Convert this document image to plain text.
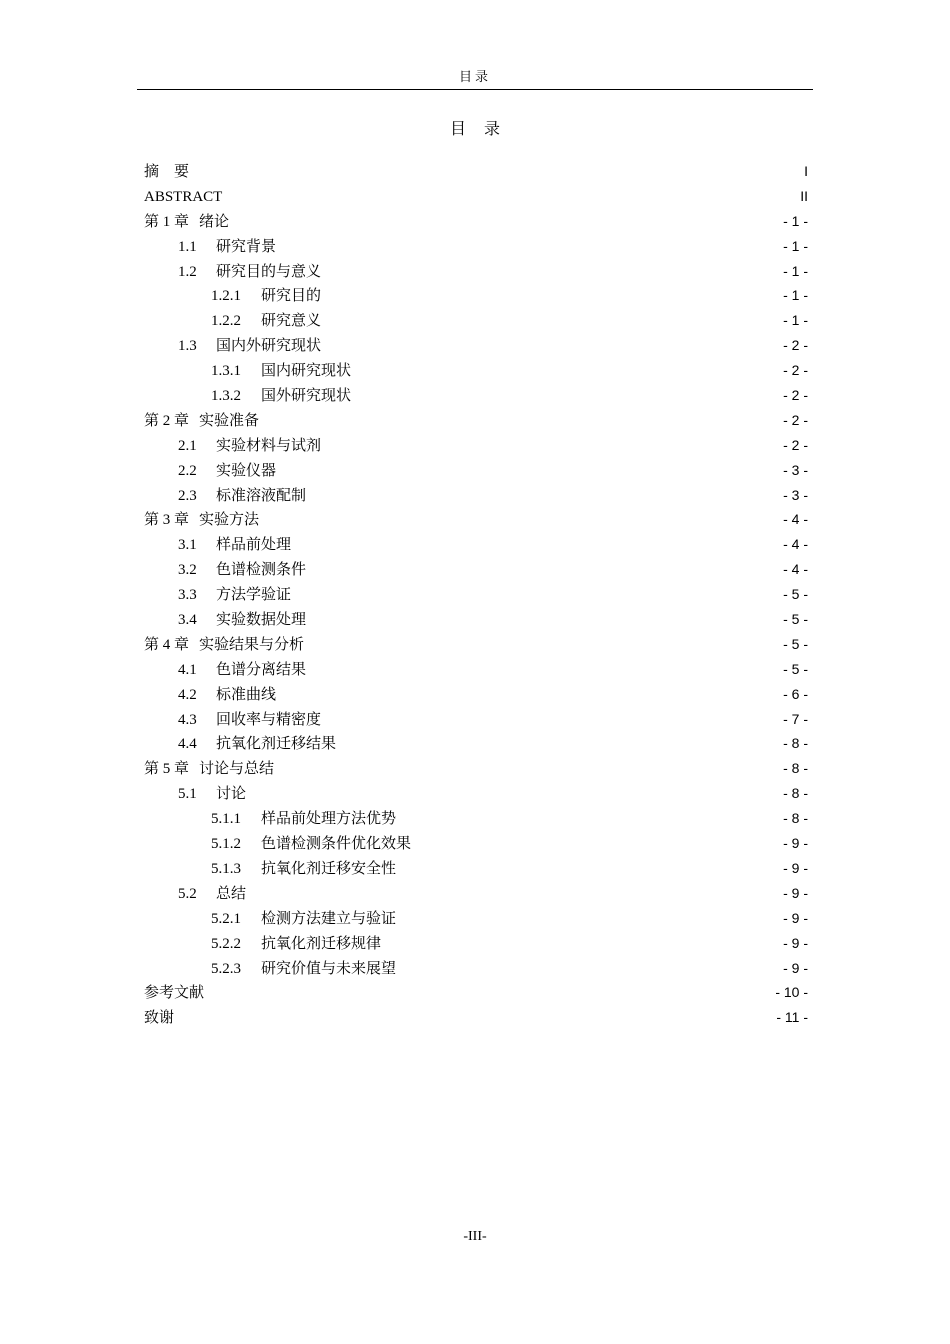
目录
目 录
摘　要	I
ABSTRACT	II
第 1 章 绪论	- 1 -
1.1 研究背景	- 1 -
1.2 研究目的与意义	- 1 -
1.2.1 研究目的	- 1 -
1.2.2 研究意义	- 1 -
1.3 国内外研究现状	- 2 -
1.3.1 国内研究现状	- 2 -
1.3.2 国外研究现状	- 2 -
第 2 章 实验准备	- 2 -
2.1 实验材料与试剂	- 2 -
2.2 实验仪器	- 3 -
2.3 标准溶液配制	- 3 -
第 3 章 实验方法	- 4 -
3.1 样品前处理	- 4 -
3.2 色谱检测条件	- 4 -
3.3 方法学验证	- 5 -
3.4 实验数据处理	- 5 -
第 4 章 实验结果与分析	- 5 -
4.1 色谱分离结果	- 5 -
4.2 标准曲线	- 6 -
4.3 回收率与精密度	- 7 -
4.4 抗氧化剂迁移结果	- 8 -
第 5 章 讨论与总结	- 8 -
5.1 讨论	- 8 -
5.1.1 样品前处理方法优势	- 8 -
5.1.2 色谱检测条件优化效果	- 9 -
5.1.3 抗氧化剂迁移安全性	- 9 -
5.2 总结	- 9 -
5.2.1 检测方法建立与验证	- 9 -
5.2.2 抗氧化剂迁移规律	- 9 -
5.2.3 研究价值与未来展望	- 9 -
参考文献	- 10 -
致谢	- 11 -
-III-
